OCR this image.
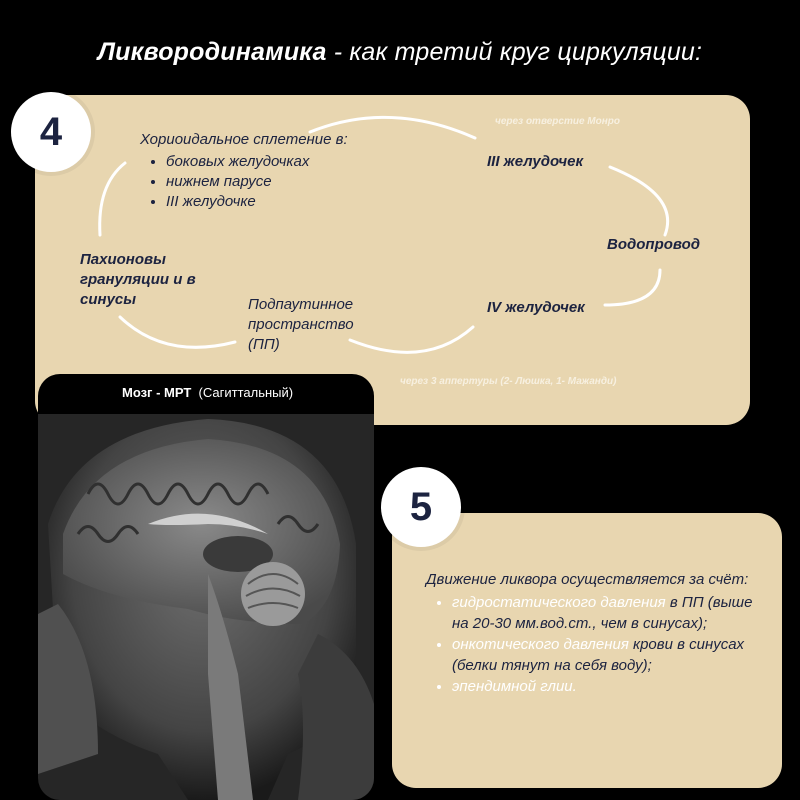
Ликвородинамика - как третий круг циркуляции:
через отверстие Монро
Хориоидальное сплетение в:
• боковых желудочках
• нижнем парусе
• III желудочке
III желудочек
Водопровод
IV желудочек
Подпаутинное
пространство
(ПП)
Пахионовы
грануляции и в
синусы
через 3 аппертуры (2- Люшка, 1- Мажанди)
4
Мозг - МРТ (Сагиттальный)
Движение ликвора осуществляется за счёт:
• гидростатического давления в ПП (выше на 20-30 мм.вод.ст., чем в синусах);
• онкотического давления крови в синусах (белки тянут на себя воду);
• эпендимной глии.
5
